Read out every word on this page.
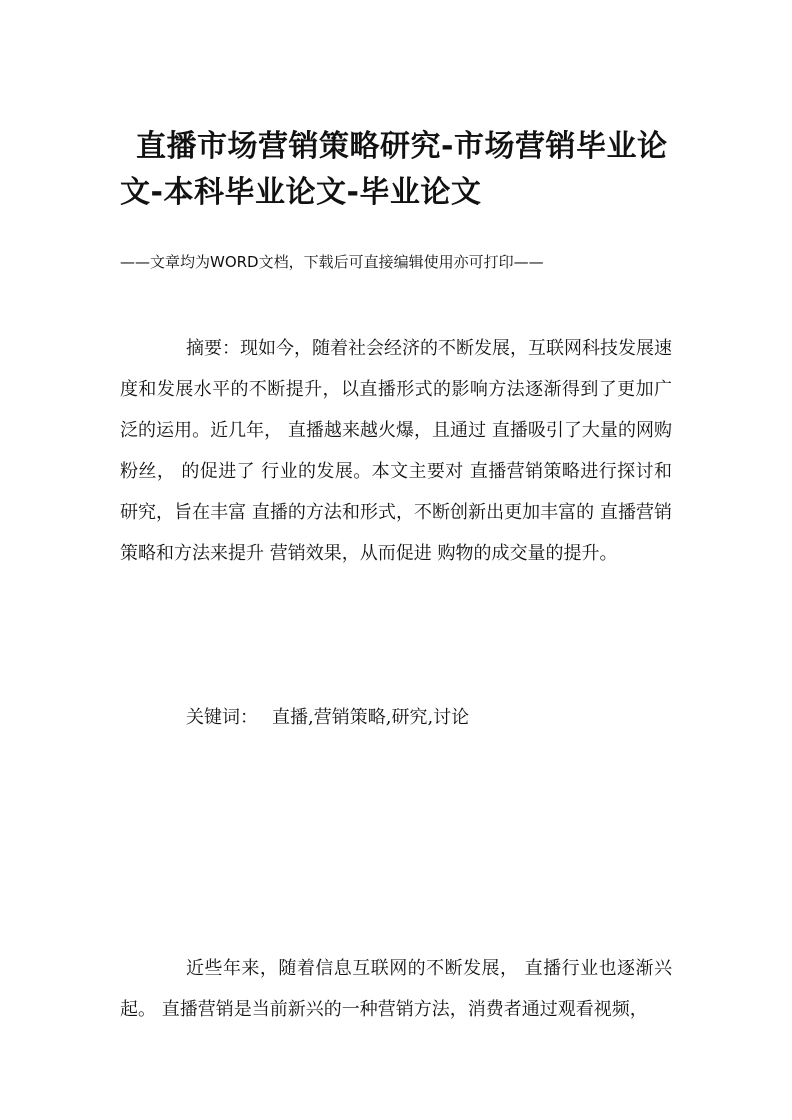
直播市场营销策略研究-市场营销毕业论文-本科毕业论文-毕业论文

——文章均为WORD文档，下载后可直接编辑使用亦可打印——

摘要：现如今，随着社会经济的不断发展，互联网科技发展速度和发展水平的不断提升，以直播形式的影响方法逐渐得到了更加广泛的运用。近几年， 直播越来越火爆，且通过 直播吸引了大量的网购粉丝， 的促进了 行业的发展。本文主要对 直播营销策略进行探讨和研究，旨在丰富 直播的方法和形式，不断创新出更加丰富的 直播营销策略和方法来提升 营销效果，从而促进 购物的成交量的提升。

关键词： 直播,营销策略,研究,讨论

近些年来，随着信息互联网的不断发展， 直播行业也逐渐兴起。 直播营销是当前新兴的一种营销方法，消费者通过观看视频，
